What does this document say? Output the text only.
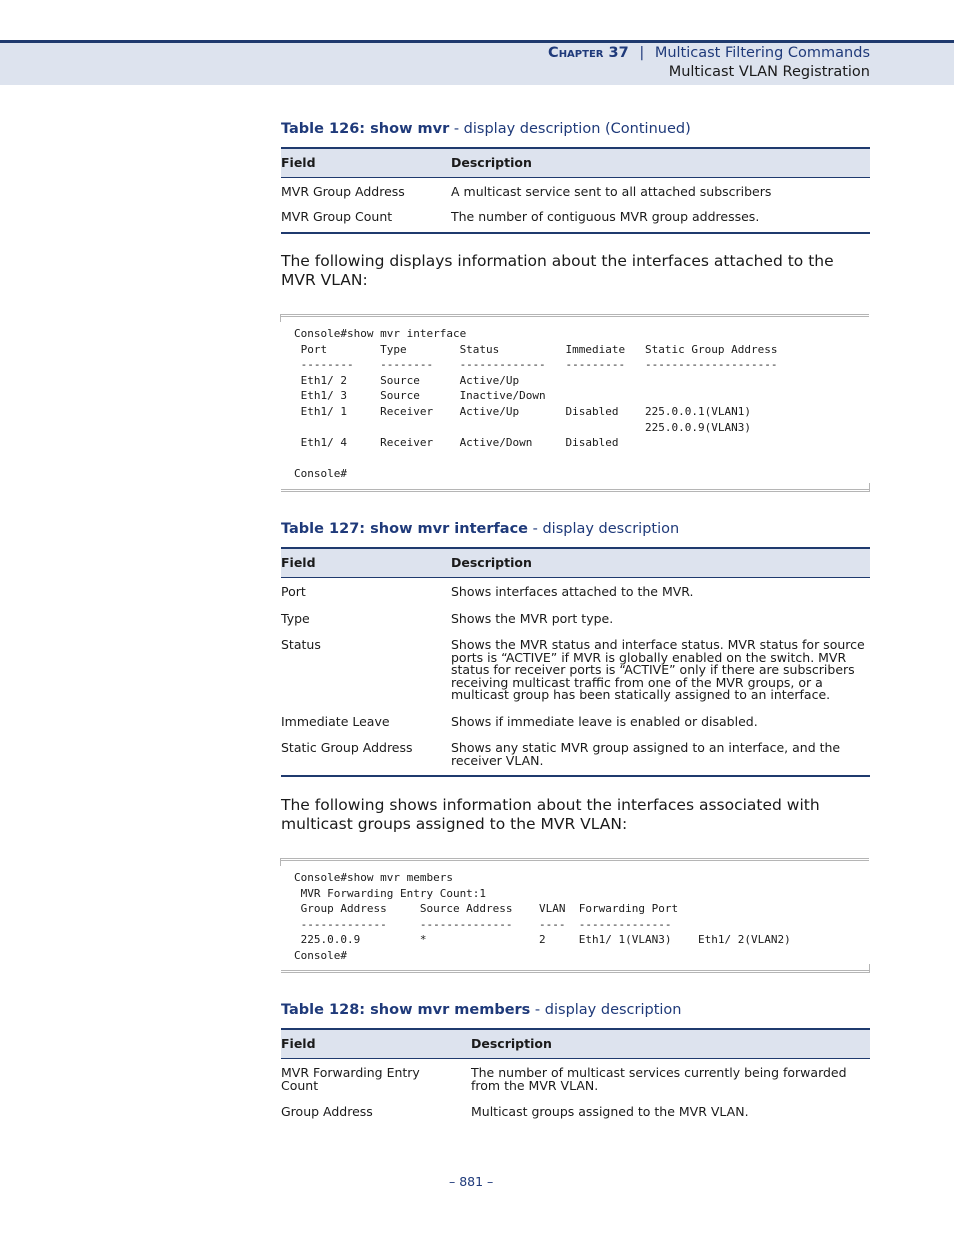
Chapter 37 | Multicast Filtering Commands
Multicast VLAN Registration
Table 126: show mvr - display description (Continued)
Field	Description
MVR Group Address	A multicast service sent to all attached subscribers
MVR Group Count	The number of contiguous MVR group addresses.
The following displays information about the interfaces attached to the MVR VLAN:
Console#show mvr interface
Port        Type        Status          Immediate   Static Group Address
--------    --------    -------------   ---------   --------------------
Eth1/ 2     Source      Active/Up
Eth1/ 3     Source      Inactive/Down
Eth1/ 1     Receiver    Active/Up       Disabled    225.0.0.1(VLAN1)
225.0.0.9(VLAN3)
Eth1/ 4     Receiver    Active/Down     Disabled

Console#
Table 127: show mvr interface - display description
Field	Description
Port	Shows interfaces attached to the MVR.
Type	Shows the MVR port type.
Status	Shows the MVR status and interface status. MVR status for source ports is “ACTIVE” if MVR is globally enabled on the switch. MVR status for receiver ports is “ACTIVE” only if there are subscribers receiving multicast traffic from one of the MVR groups, or a multicast group has been statically assigned to an interface.
Immediate Leave	Shows if immediate leave is enabled or disabled.
Static Group Address	Shows any static MVR group assigned to an interface, and the receiver VLAN.
The following shows information about the interfaces associated with multicast groups assigned to the MVR VLAN:
Console#show mvr members
MVR Forwarding Entry Count:1
Group Address     Source Address    VLAN  Forwarding Port
-------------     --------------    ----  --------------
225.0.0.9         *                 2     Eth1/ 1(VLAN3)    Eth1/ 2(VLAN2)
Console#
Table 128: show mvr members - display description
Field	Description
MVR Forwarding Entry Count	The number of multicast services currently being forwarded from the MVR VLAN.
Group Address	Multicast groups assigned to the MVR VLAN.
– 881 –
